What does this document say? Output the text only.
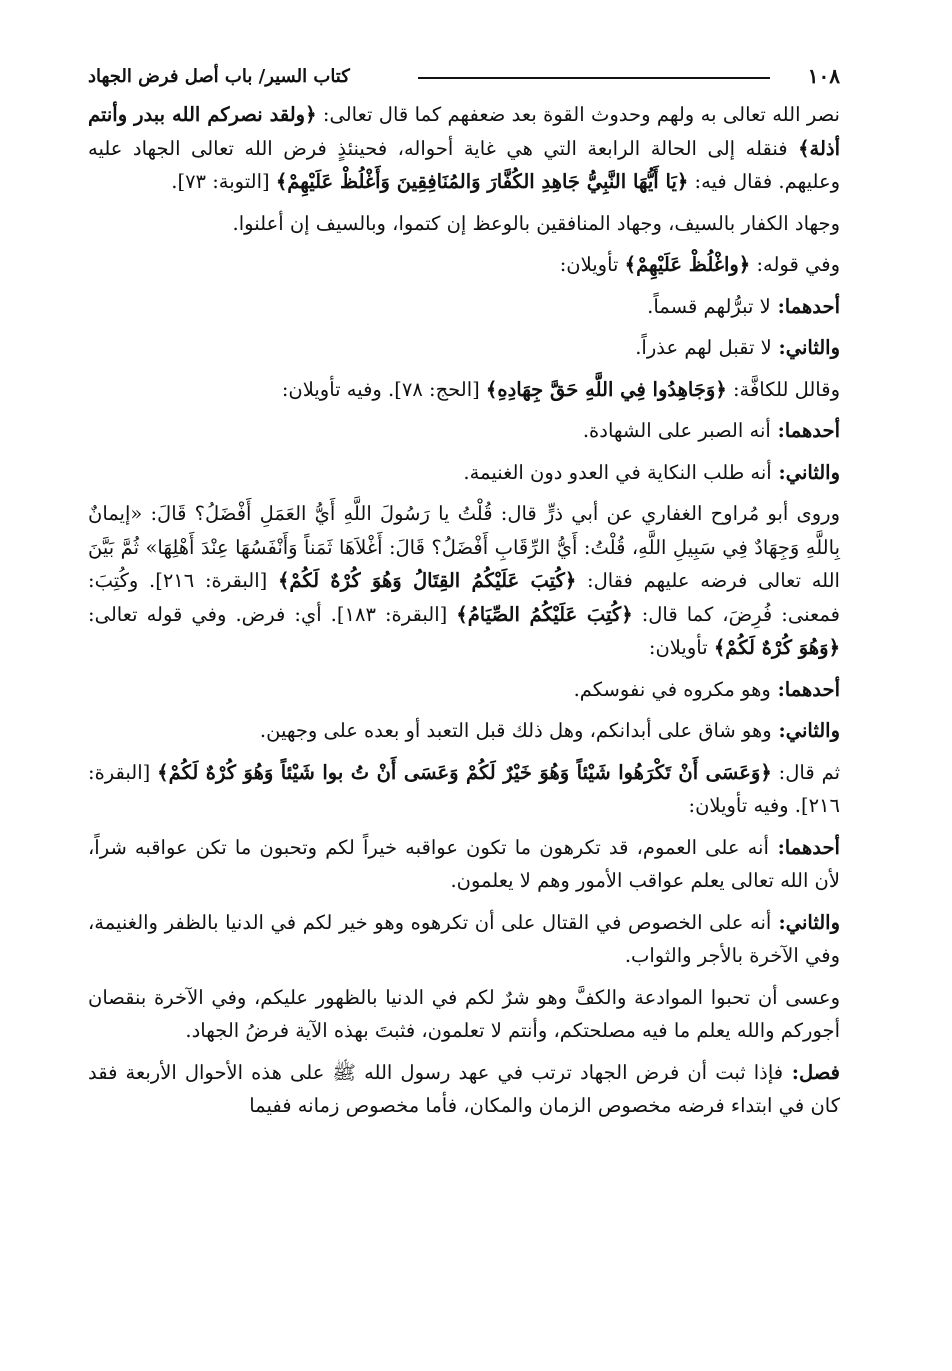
١٠٨
كتاب السير/ باب أصل فرض الجهاد

نصر الله تعالى به ولهم وحدوث القوة بعد ضعفهم كما قال تعالى: ﴿ولقد نصركم الله ببدر وأنتم أذلة﴾ فنقله إلى الحالة الرابعة التي هي غاية أحواله، فحينئذٍ فرض الله تعالى الجهاد عليه وعليهم. فقال فيه: ﴿يَا أَيُّهَا النَّبِيُّ جَاهِدِ الكُفَّارَ وَالمُنَافِقِينَ وَأَغْلُظْ عَلَيْهِمْ﴾ [التوبة: ٧٣].

وجهاد الكفار بالسيف، وجهاد المنافقين بالوعظ إن كتموا، وبالسيف إن أعلنوا.

وفي قوله: ﴿واغْلُظْ عَلَيْهِمْ﴾ تأويلان:

أحدهما: لا تبرُّلهم قسماً.

والثاني: لا تقبل لهم عذراً.

وقالل للكافَّة: ﴿وَجَاهِدُوا فِي اللَّهِ حَقَّ جِهَادِهِ﴾ [الحج: ٧٨]. وفيه تأويلان:

أحدهما: أنه الصبر على الشهادة.

والثاني: أنه طلب النكاية في العدو دون الغنيمة.

وروى أبو مُراوح الغفاري عن أبي ذرٍّ قال: قُلْتُ يا رَسُولَ اللَّهِ أَيُّ العَمَلِ أَفْضَلُ؟ قَالَ: «إيمانٌ بِاللَّهِ وَجِهَادٌ فِي سَبِيلِ اللَّهِ، قُلْتُ: أَيُّ الرِّقَابِ أَفْضَلُ؟ قَالَ: أَغْلاَهَا ثَمَناً وَأَنْفَسُهَا عِنْدَ أَهْلِهَا» ثُمَّ بَيَّنَ الله تعالى فرضه عليهم فقال: ﴿كُتِبَ عَلَيْكُمُ القِتَالُ وَهُوَ كُرْهٌ لَكُمْ﴾ [البقرة: ٢١٦]. وكُتِبَ: فمعنى: فُرِضَ، كما قال: ﴿كُتِبَ عَلَيْكُمُ الصِّيَامُ﴾ [البقرة: ١٨٣]. أي: فرض. وفي قوله تعالى: ﴿وَهُوَ كُرْهٌ لَكُمْ﴾ تأويلان:

أحدهما: وهو مكروه في نفوسكم.

والثاني: وهو شاق على أبدانكم، وهل ذلك قبل التعبد أو بعده على وجهين.

ثم قال: ﴿وَعَسَى أَنْ تَكْرَهُوا شَيْئاً وَهُوَ خَيْرٌ لَكُمْ وَعَسَى أَنْ تُ بوا شَيْئاً وَهُوَ كُرْهٌ لَكُمْ﴾ [البقرة: ٢١٦]. وفيه تأويلان:

أحدهما: أنه على العموم، قد تكرهون ما تكون عواقبه خيراً لكم وتحبون ما تكن عواقبه شراً، لأن الله تعالى يعلم عواقب الأمور وهم لا يعلمون.

والثاني: أنه على الخصوص في القتال على أن تكرهوه وهو خير لكم في الدنيا بالظفر والغنيمة، وفي الآخرة بالأجر والثواب.

وعسى أن تحبوا الموادعة والكفَّ وهو شرٌ لكم في الدنيا بالظهور عليكم، وفي الآخرة بنقصان أجوركم والله يعلم ما فيه مصلحتكم، وأنتم لا تعلمون، فثبتَ بهذه الآية فرضُ الجهاد.

فصل: فإذا ثبت أن فرض الجهاد ترتب في عهد رسول الله ﷺ على هذه الأحوال الأربعة فقد كان في ابتداء فرضه مخصوص الزمان والمكان، فأما مخصوص زمانه ففيما
